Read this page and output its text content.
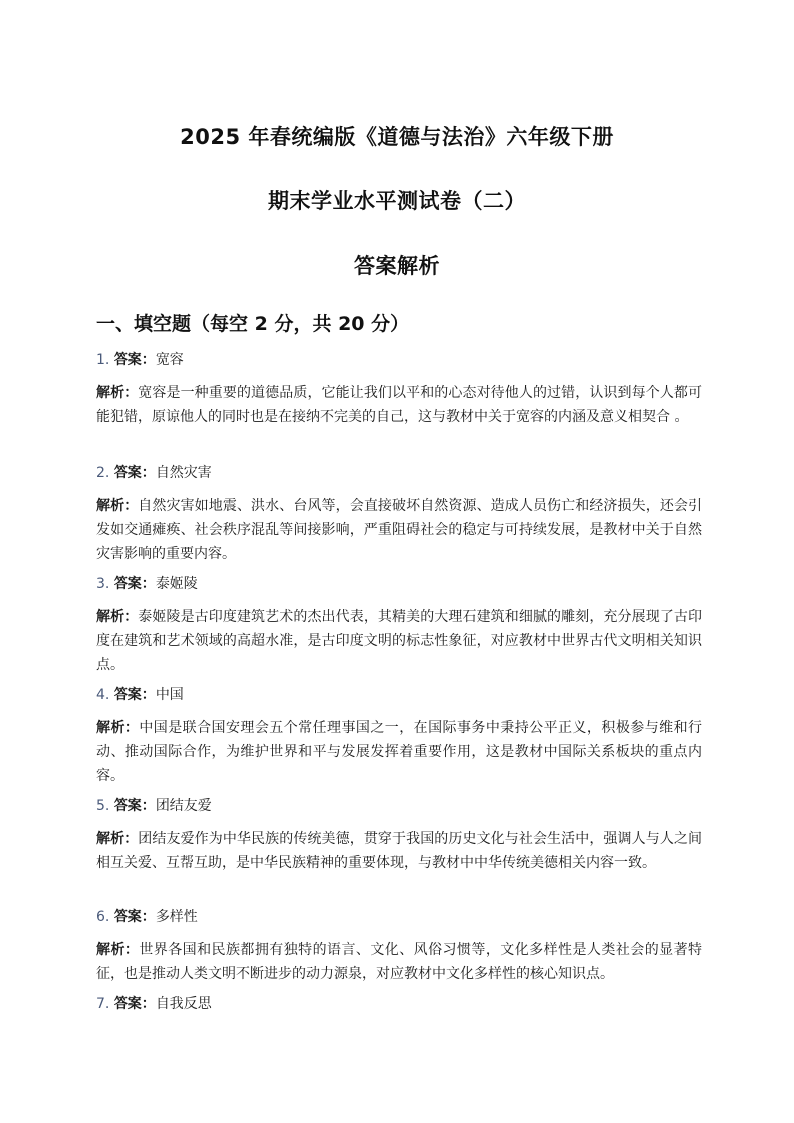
2025 年春统编版《道德与法治》六年级下册
期末学业水平测试卷（二）
答案解析
一、填空题（每空 2 分，共 20 分）
1. 答案：宽容
解析：宽容是一种重要的道德品质，它能让我们以平和的心态对待他人的过错，认识到每个人都可能犯错，原谅他人的同时也是在接纳不完美的自己，这与教材中关于宽容的内涵及意义相契合 。
2. 答案：自然灾害
解析：自然灾害如地震、洪水、台风等，会直接破坏自然资源、造成人员伤亡和经济损失，还会引发如交通瘫痪、社会秩序混乱等间接影响，严重阻碍社会的稳定与可持续发展，是教材中关于自然灾害影响的重要内容。
3. 答案：泰姬陵
解析：泰姬陵是古印度建筑艺术的杰出代表，其精美的大理石建筑和细腻的雕刻，充分展现了古印度在建筑和艺术领域的高超水准，是古印度文明的标志性象征，对应教材中世界古代文明相关知识点。
4. 答案：中国
解析：中国是联合国安理会五个常任理事国之一，在国际事务中秉持公平正义，积极参与维和行动、推动国际合作，为维护世界和平与发展发挥着重要作用，这是教材中国际关系板块的重点内容。
5. 答案：团结友爱
解析：团结友爱作为中华民族的传统美德，贯穿于我国的历史文化与社会生活中，强调人与人之间相互关爱、互帮互助，是中华民族精神的重要体现，与教材中中华传统美德相关内容一致。
6. 答案：多样性
解析：世界各国和民族都拥有独特的语言、文化、风俗习惯等，文化多样性是人类社会的显著特征，也是推动人类文明不断进步的动力源泉，对应教材中文化多样性的核心知识点。
7. 答案：自我反思
